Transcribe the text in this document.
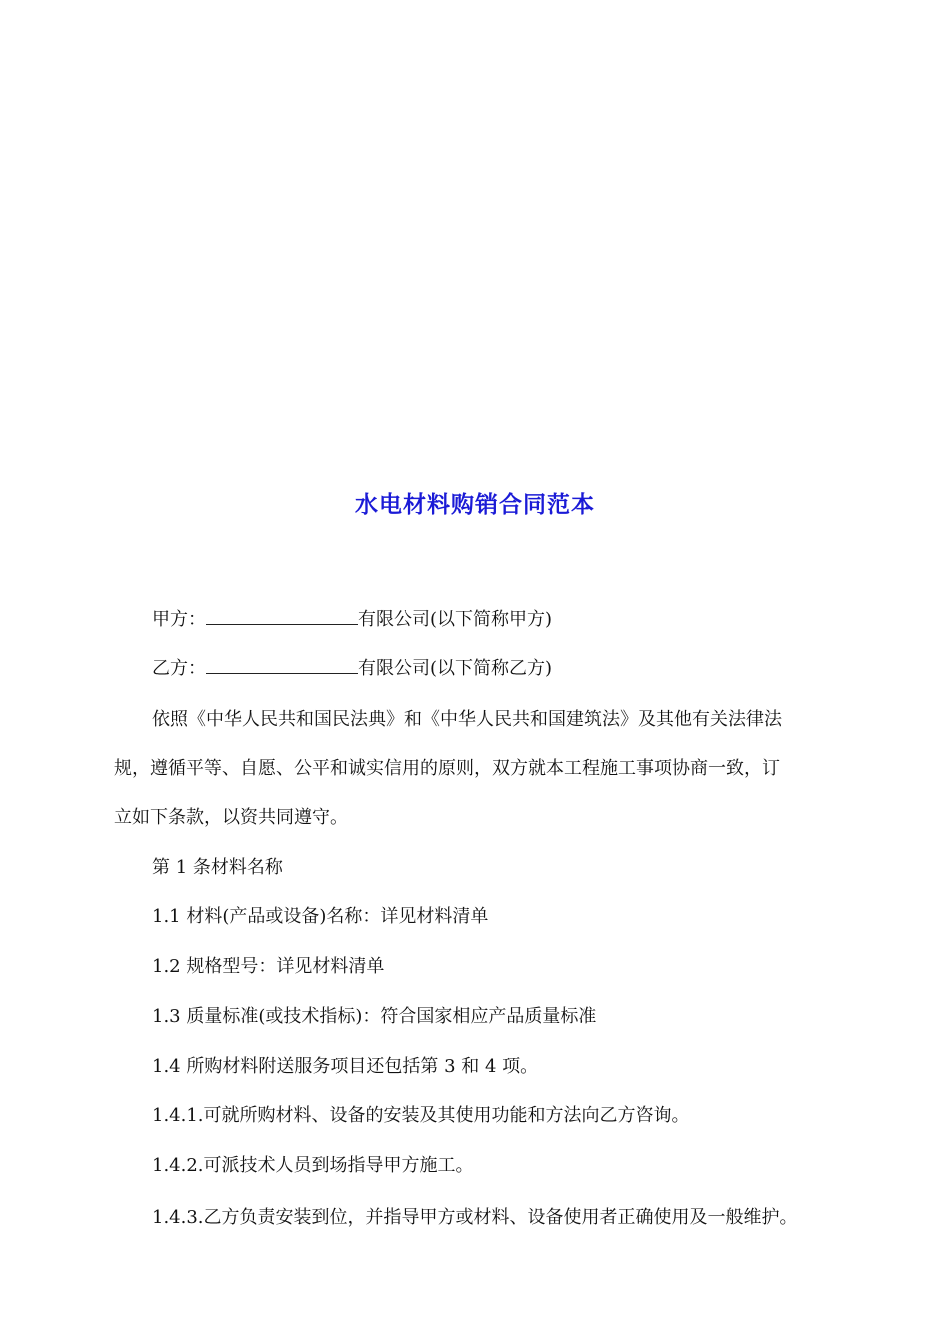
水电材料购销合同范本
甲方：	有限公司(以下简称甲方)
乙方：	有限公司(以下简称乙方)
依照《中华人民共和国民法典》和《中华人民共和国建筑法》及其他有关法律法
规，遵循平等、自愿、公平和诚实信用的原则，双方就本工程施工事项协商一致，订
立如下条款，以资共同遵守。
第 1 条材料名称
1.1 材料(产品或设备)名称：详见材料清单
1.2 规格型号：详见材料清单
1.3 质量标准(或技术指标)：符合国家相应产品质量标准
1.4 所购材料附送服务项目还包括第 3 和 4 项。
1.4.1.可就所购材料、设备的安装及其使用功能和方法向乙方咨询。
1.4.2.可派技术人员到场指导甲方施工。
1.4.3.乙方负责安装到位，并指导甲方或材料、设备使用者正确使用及一般维护。
